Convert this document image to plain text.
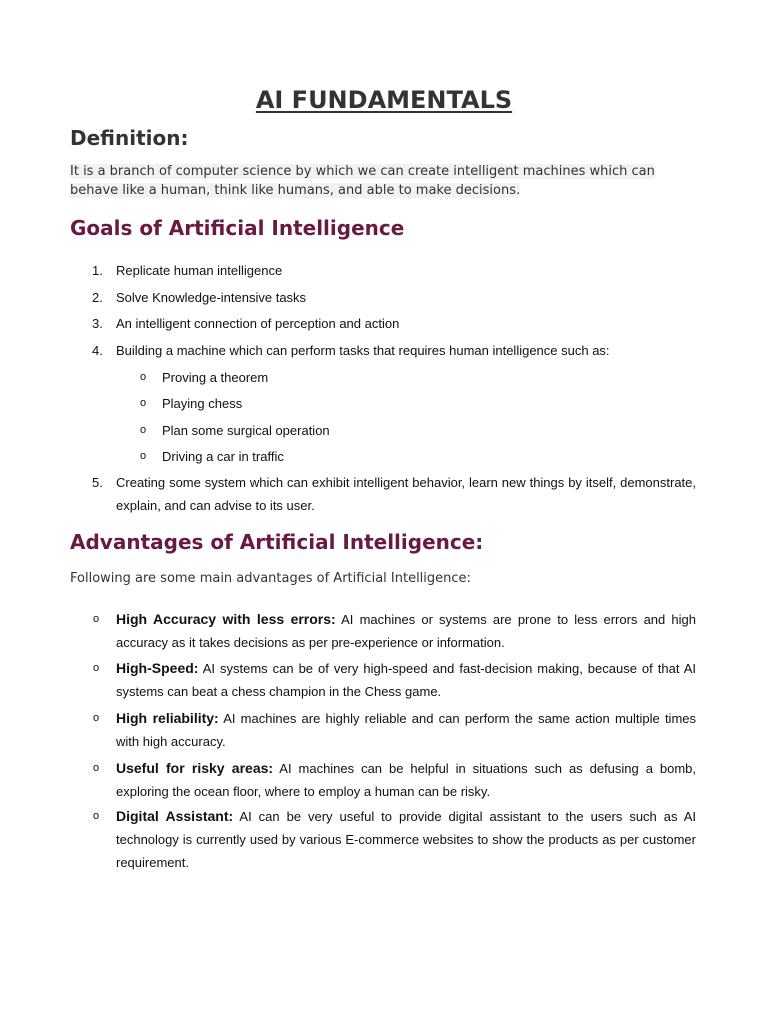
AI FUNDAMENTALS
Definition:

It is a branch of computer science by which we can create intelligent machines which can behave like a human, think like humans, and able to make decisions.

Goals of Artificial Intelligence
1. Replicate human intelligence
2. Solve Knowledge-intensive tasks
3. An intelligent connection of perception and action
4. Building a machine which can perform tasks that requires human intelligence such as:
o Proving a theorem
o Playing chess
o Plan some surgical operation
o Driving a car in traffic
5. Creating some system which can exhibit intelligent behavior, learn new things by itself, demonstrate, explain, and can advise to its user.
Advantages of Artificial Intelligence:

Following are some main advantages of Artificial Intelligence:

o High Accuracy with less errors: AI machines or systems are prone to less errors and high accuracy as it takes decisions as per pre-experience or information.
o High-Speed: AI systems can be of very high-speed and fast-decision making, because of that AI systems can beat a chess champion in the Chess game.
o High reliability: AI machines are highly reliable and can perform the same action multiple times with high accuracy.
o Useful for risky areas: AI machines can be helpful in situations such as defusing a bomb, exploring the ocean floor, where to employ a human can be risky.
o Digital Assistant: AI can be very useful to provide digital assistant to the users such as AI technology is currently used by various E-commerce websites to show the products as per customer requirement.
